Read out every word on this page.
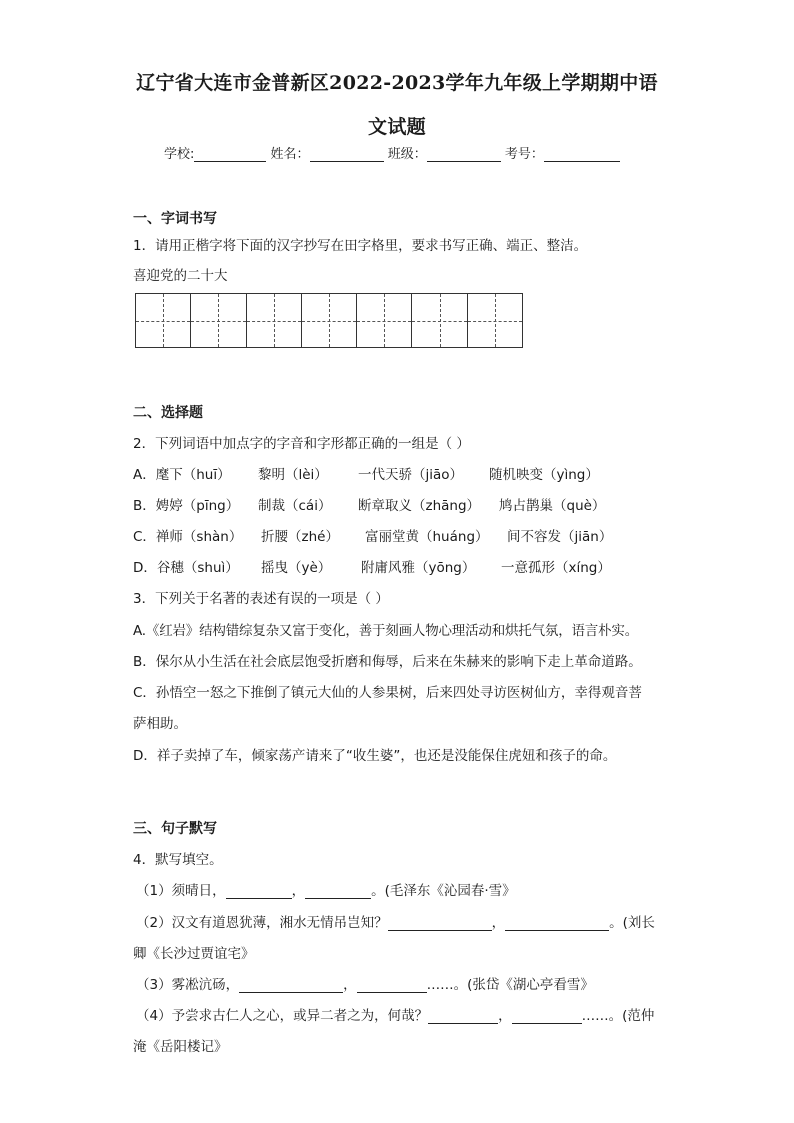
辽宁省大连市金普新区2022-2023学年九年级上学期期中语
文试题
学校:	姓名：	班级：	考号：
一、字词书写
1．请用正楷字将下面的汉字抄写在田字格里，要求书写正确、端正、整洁。
喜迎党的二十大
二、选择题
2．下列词语中加点字的字音和字形都正确的一组是（ ）
A．麾下（huī） 黎明（lèi） 一代天骄（jiāo） 随机映变（yìng）
B．娉婷（pīng） 制裁（cái） 断章取义（zhāng） 鸠占鹊巢（què）
C．禅师（shàn） 折腰（zhé） 富丽堂黄（huáng） 间不容发（jiān）
D．谷穗（shuì） 摇曳（yè） 附庸风雅（yōng） 一意孤形（xíng）
3．下列关于名著的表述有误的一项是（ ）
A.《红岩》结构错综复杂又富于变化，善于刻画人物心理活动和烘托气氛，语言朴实。
B．保尔从小生活在社会底层饱受折磨和侮辱，后来在朱赫来的影响下走上革命道路。
C．孙悟空一怒之下推倒了镇元大仙的人参果树，后来四处寻访医树仙方，幸得观音菩
萨相助。
D．祥子卖掉了车，倾家荡产请来了“收生婆”，也还是没能保住虎妞和孩子的命。
三、句子默写
4．默写填空。
（1）须晴日，	，	。(毛泽东《沁园春·雪》
（2）汉文有道恩犹薄，湘水无情吊岂知？	，	。(刘长
卿《长沙过贾谊宅》
（3）雾凇沆砀，	，	……。(张岱《湖心亭看雪》
（4）予尝求古仁人之心，或异二者之为，何哉？	，	……。(范仲
淹《岳阳楼记》
